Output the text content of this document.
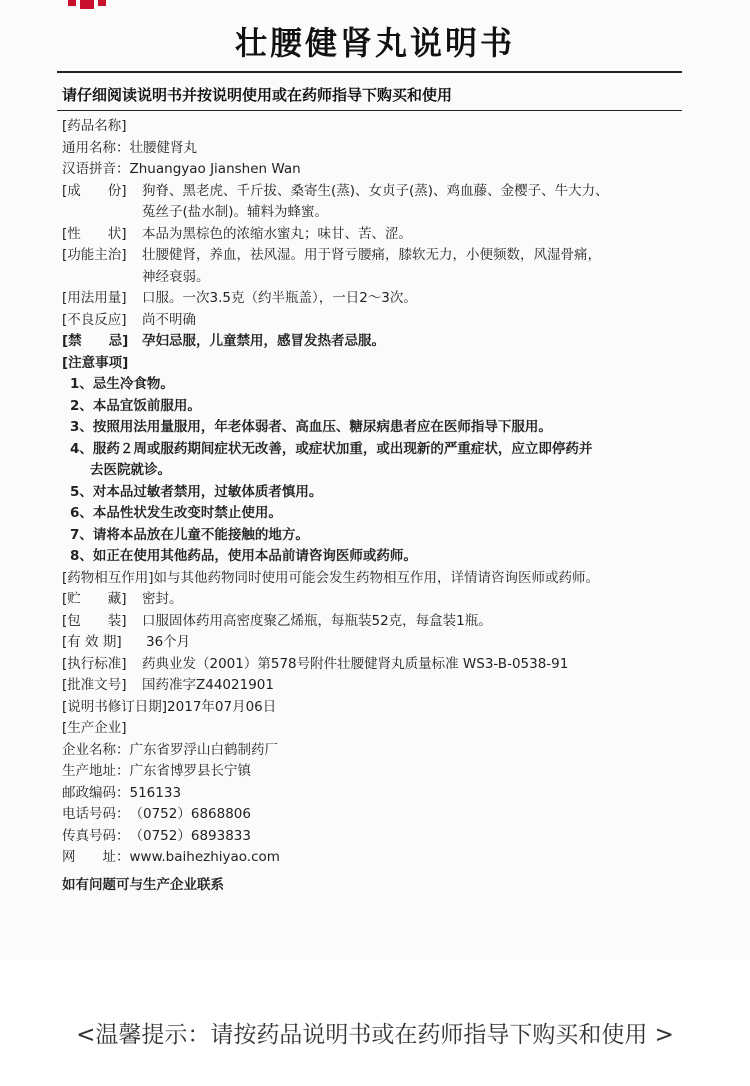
壮腰健肾丸说明书
请仔细阅读说明书并按说明使用或在药师指导下购买和使用
[药品名称]
通用名称： 壮腰健肾丸
汉语拼音： Zhuangyao Jianshen Wan
[成　　份]	狗脊、黑老虎、千斤拔、桑寄生(蒸)、女贞子(蒸)、鸡血藤、金樱子、牛大力、
菟丝子(盐水制)。辅料为蜂蜜。
[性　　状]	本品为黑棕色的浓缩水蜜丸；味甘、苦、涩。
[功能主治]	壮腰健肾，养血，祛风湿。用于肾亏腰痛，膝软无力，小便频数，风湿骨痛，
神经衰弱。
[用法用量]	口服。一次3.5克（约半瓶盖），一日2～3次。
[不良反应]	尚不明确
[禁　　忌]	孕妇忌服，儿童禁用，感冒发热者忌服。
[注意事项]
1、忌生冷食物。
2、本品宜饭前服用。
3、按照用法用量服用，年老体弱者、高血压、糖尿病患者应在医师指导下服用。
4、服药２周或服药期间症状无改善，或症状加重，或出现新的严重症状，应立即停药并
去医院就诊。
5、对本品过敏者禁用，过敏体质者慎用。
6、本品性状发生改变时禁止使用。
7、请将本品放在儿童不能接触的地方。
8、如正在使用其他药品，使用本品前请咨询医师或药师。
[药物相互作用] 如与其他药物同时使用可能会发生药物相互作用，详情请咨询医师或药师。
[贮　　藏]	密封。
[包　　装]	口服固体药用高密度聚乙烯瓶，每瓶装52克，每盒装1瓶。
[有 效 期]	36个月
[执行标准]	药典业发（2001）第578号附件壮腰健肾丸质量标准 WS3-B-0538-91
[批准文号]	国药准字Z44021901
[说明书修订日期] 2017年07月06日
[生产企业]
企业名称： 广东省罗浮山白鹤制药厂
生产地址： 广东省博罗县长宁镇
邮政编码： 516133
电话号码： （0752）6868806
传真号码： （0752）6893833
网　　址： www.baihezhiyao.com
如有问题可与生产企业联系
<温馨提示：请按药品说明书或在药师指导下购买和使用 >
